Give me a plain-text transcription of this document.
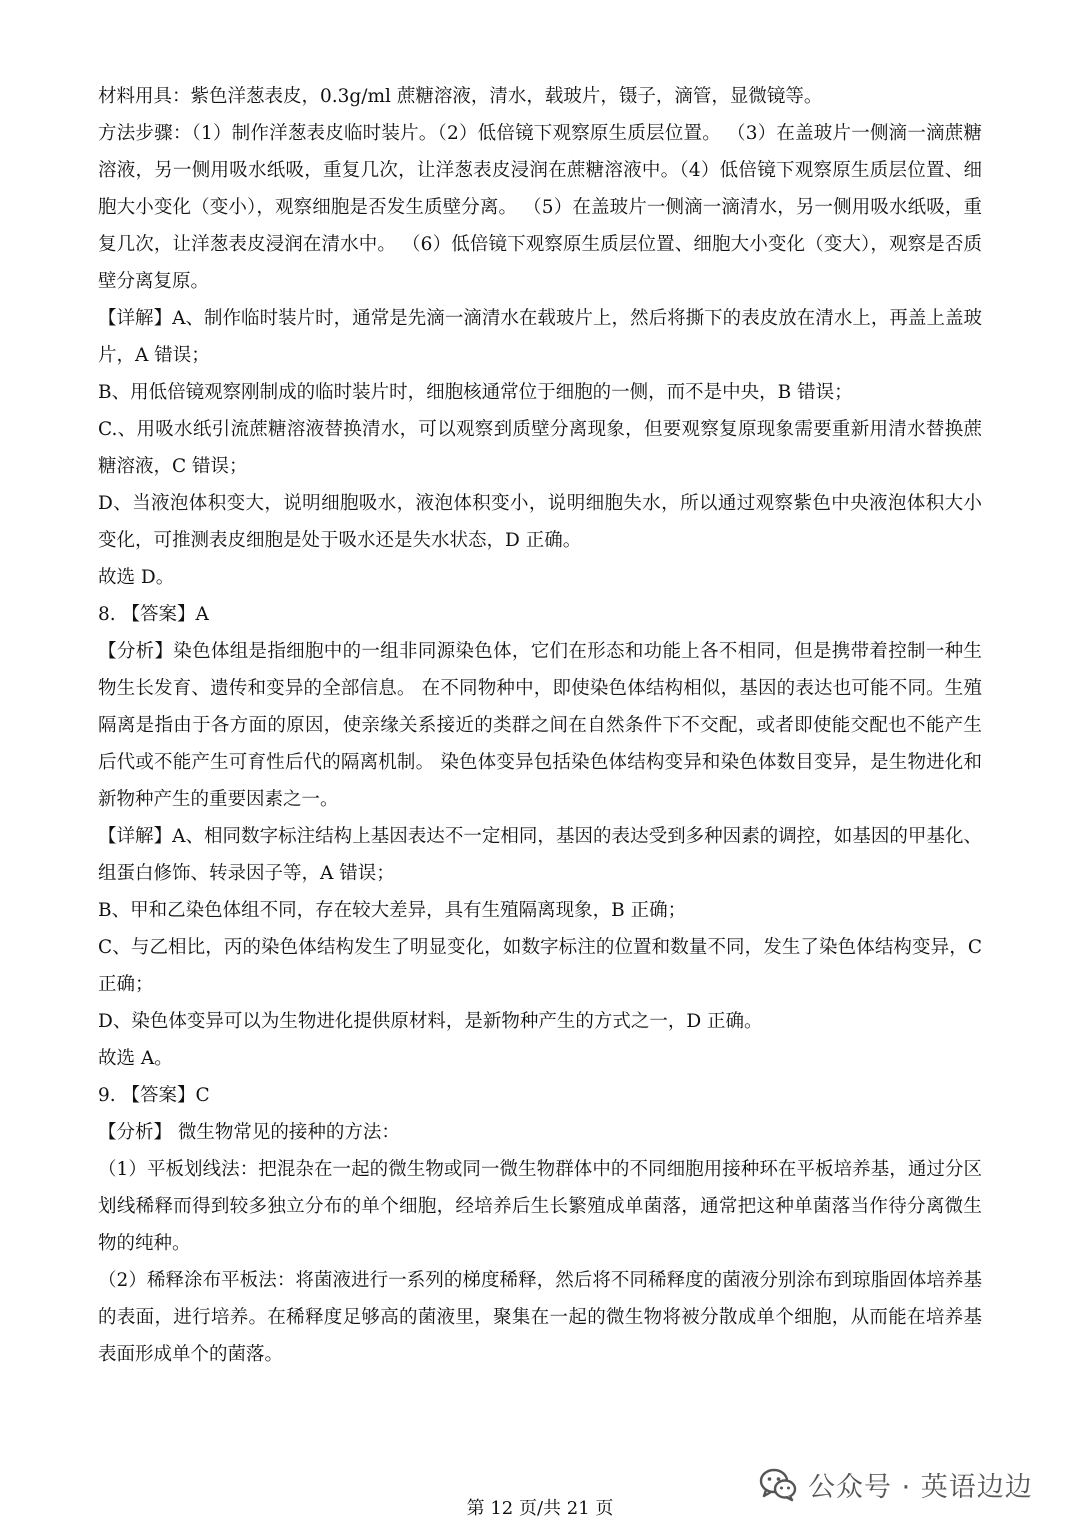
材料用具：紫色洋葱表皮，0.3g/ml 蔗糖溶液，清水，载玻片，镊子，滴管，显微镜等。

方法步骤：（1）制作洋葱表皮临时装片。（2）低倍镜下观察原生质层位置。 （3）在盖玻片一侧滴一滴蔗糖溶液，另一侧用吸水纸吸，重复几次，让洋葱表皮浸润在蔗糖溶液中。（4）低倍镜下观察原生质层位置、细胞大小变化（变小），观察细胞是否发生质壁分离。 （5）在盖玻片一侧滴一滴清水，另一侧用吸水纸吸，重复几次，让洋葱表皮浸润在清水中。 （6）低倍镜下观察原生质层位置、细胞大小变化（变大），观察是否质壁分离复原。

【详解】A、制作临时装片时，通常是先滴一滴清水在载玻片上，然后将撕下的表皮放在清水上，再盖上盖玻片，A 错误；

B、用低倍镜观察刚制成的临时装片时，细胞核通常位于细胞的一侧，而不是中央，B 错误；

C.、用吸水纸引流蔗糖溶液替换清水，可以观察到质壁分离现象，但要观察复原现象需要重新用清水替换蔗糖溶液，C 错误；

D、当液泡体积变大，说明细胞吸水，液泡体积变小，说明细胞失水，所以通过观察紫色中央液泡体积大小变化，可推测表皮细胞是处于吸水还是失水状态，D 正确。

故选 D。

8. 【答案】A

【分析】染色体组是指细胞中的一组非同源染色体，它们在形态和功能上各不相同，但是携带着控制一种生物生长发育、遗传和变异的全部信息。 在不同物种中，即使染色体结构相似，基因的表达也可能不同。生殖隔离是指由于各方面的原因，使亲缘关系接近的类群之间在自然条件下不交配，或者即使能交配也不能产生后代或不能产生可育性后代的隔离机制。 染色体变异包括染色体结构变异和染色体数目变异，是生物进化和新物种产生的重要因素之一。

【详解】A、相同数字标注结构上基因表达不一定相同，基因的表达受到多种因素的调控，如基因的甲基化、组蛋白修饰、转录因子等，A 错误；

B、甲和乙染色体组不同，存在较大差异，具有生殖隔离现象，B 正确；

C、与乙相比，丙的染色体结构发生了明显变化，如数字标注的位置和数量不同，发生了染色体结构变异，C 正确；

D、染色体变异可以为生物进化提供原材料，是新物种产生的方式之一，D 正确。

故选 A。

9. 【答案】C

【分析】 微生物常见的接种的方法：

（1）平板划线法：把混杂在一起的微生物或同一微生物群体中的不同细胞用接种环在平板培养基，通过分区划线稀释而得到较多独立分布的单个细胞，经培养后生长繁殖成单菌落，通常把这种单菌落当作待分离微生物的纯种。

（2）稀释涂布平板法：将菌液进行一系列的梯度稀释，然后将不同稀释度的菌液分别涂布到琼脂固体培养基的表面，进行培养。在稀释度足够高的菌液里，聚集在一起的微生物将被分散成单个细胞，从而能在培养基表面形成单个的菌落。

公众号 · 英语边边
第 12 页/共 21 页
